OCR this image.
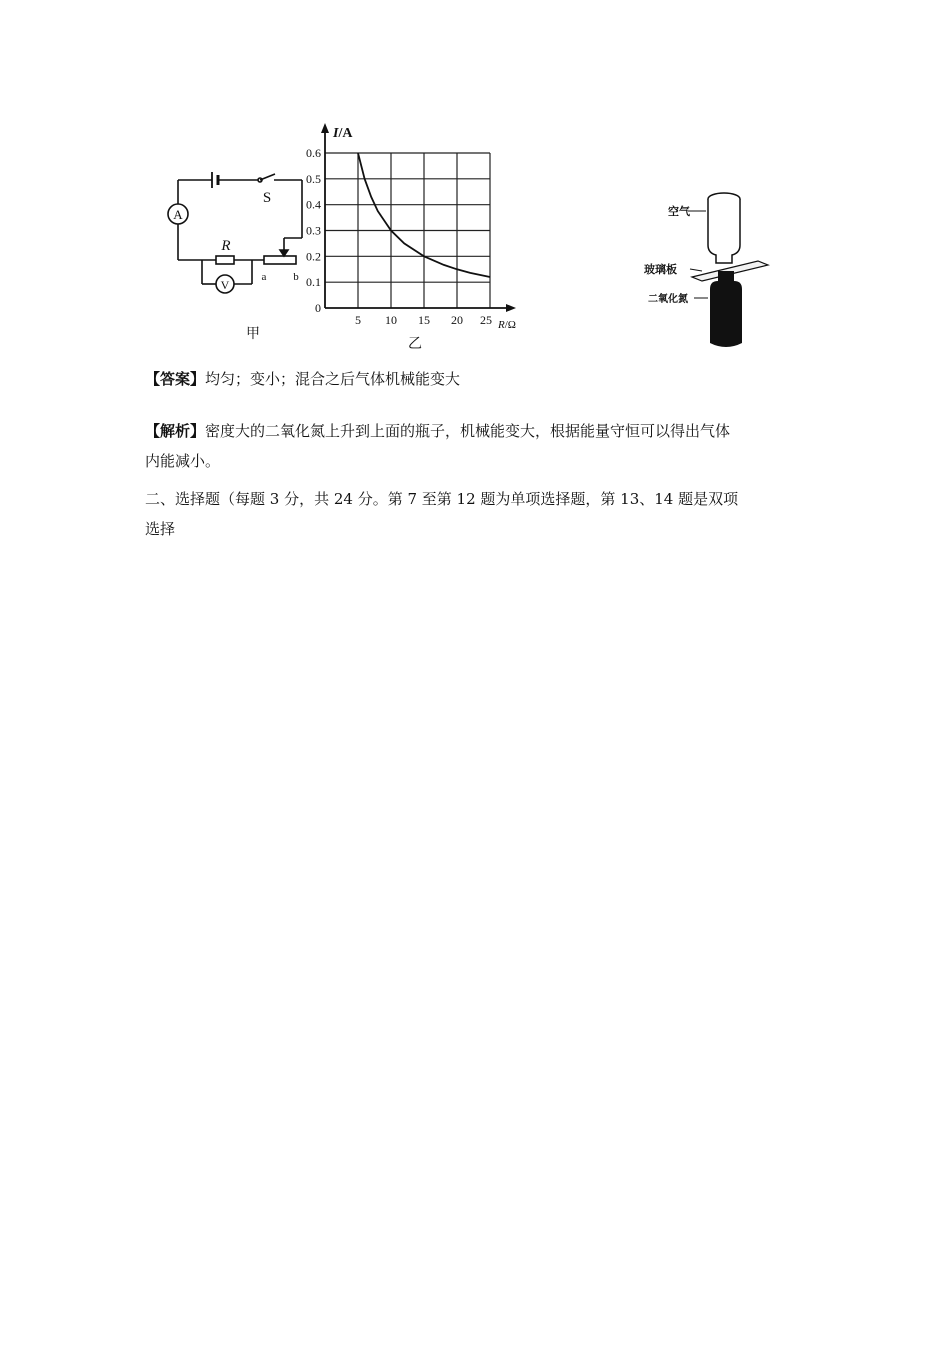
A
V
S
R
a b
甲
5 10 15 20 25
0
0.1
0.2
0.3
0.4
0.5
0.6
I/A
R/Ω
乙
空气
玻璃板
二氧化氮

【答案】均匀；变小；混合之后气体机械能变大

【解析】密度大的二氧化氮上升到上面的瓶子，机械能变大，根据能量守恒可以得出气体
内能减小。

二、选择题（每题 3 分，共 24 分。第 7 至第 12 题为单项选择题，第 13、14 题是双项
选择
